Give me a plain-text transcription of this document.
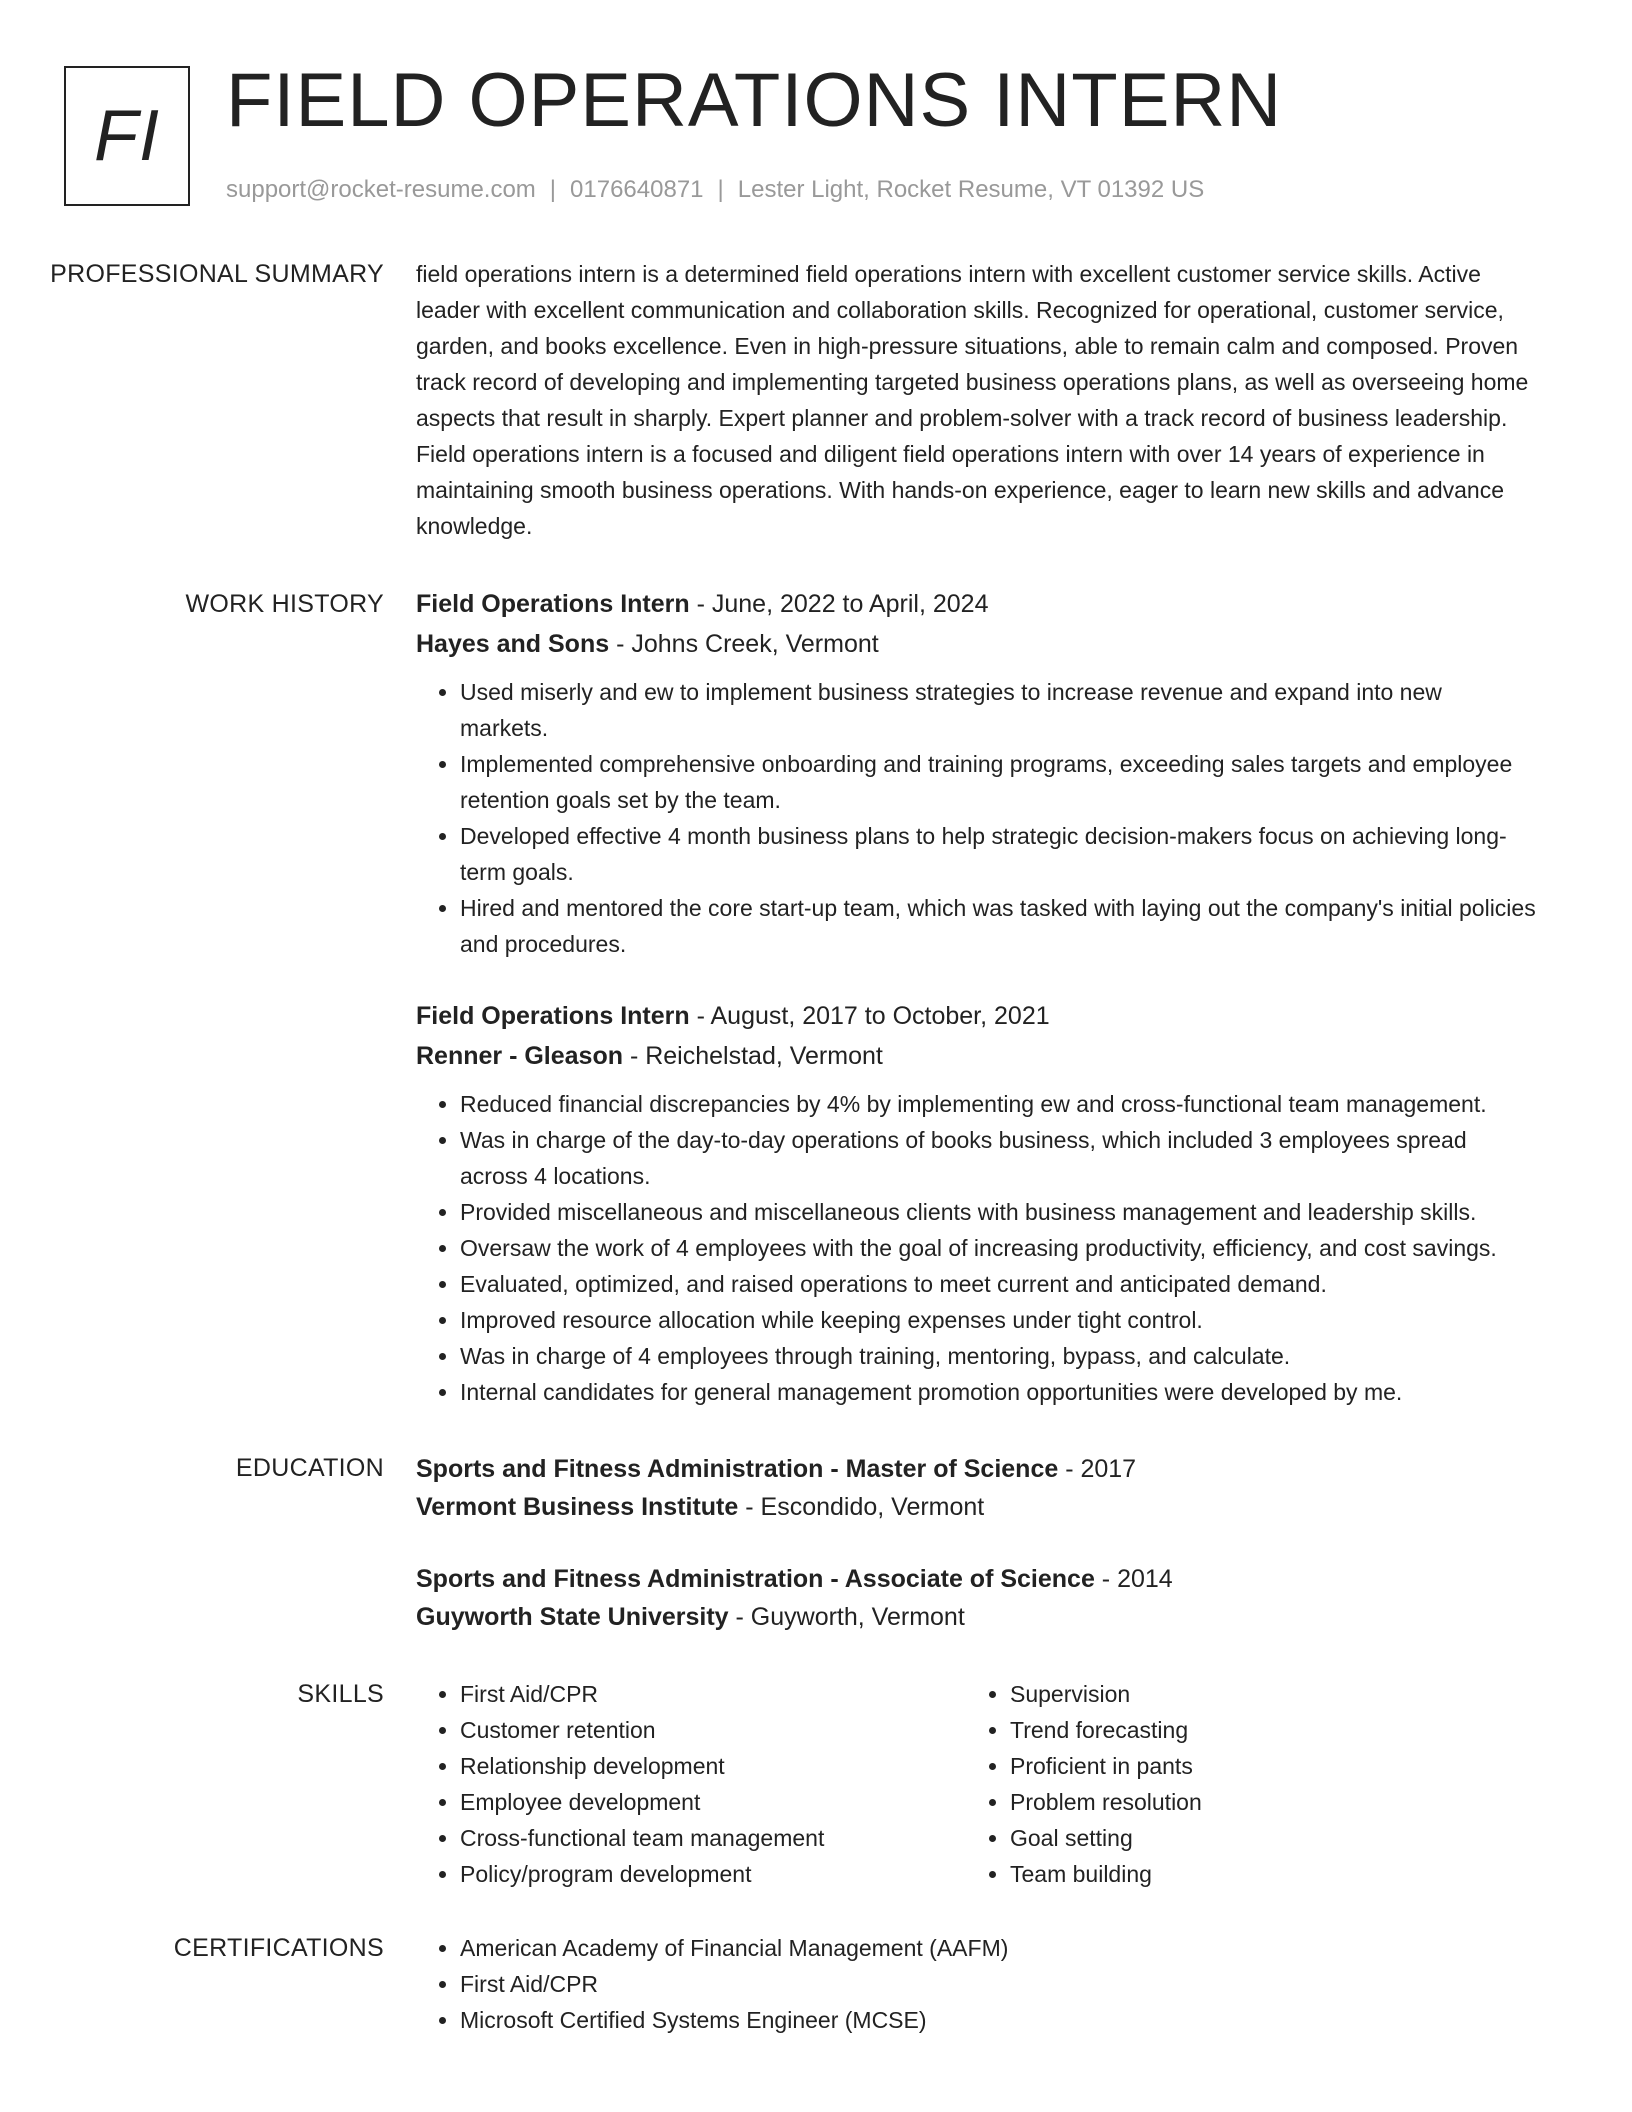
FI FIELD OPERATIONS INTERN
support@rocket-resume.com | 0176640871 | Lester Light, Rocket Resume, VT 01392 US
PROFESSIONAL SUMMARY	field operations intern is a determined field operations intern with excellent customer service skills. Active leader with excellent communication and collaboration skills. Recognized for operational, customer service, garden, and books excellence. Even in high-pressure situations, able to remain calm and composed. Proven track record of developing and implementing targeted business operations plans, as well as overseeing home aspects that result in sharply. Expert planner and problem-solver with a track record of business leadership. Field operations intern is a focused and diligent field operations intern with over 14 years of experience in maintaining smooth business operations. With hands-on experience, eager to learn new skills and advance knowledge.

WORK HISTORY	Field Operations Intern - June, 2022 to April, 2024
Hayes and Sons - Johns Creek, Vermont
• Used miserly and ew to implement business strategies to increase revenue and expand into new markets.
• Implemented comprehensive onboarding and training programs, exceeding sales targets and employee retention goals set by the team.
• Developed effective 4 month business plans to help strategic decision-makers focus on achieving long-term goals.
• Hired and mentored the core start-up team, which was tasked with laying out the company's initial policies and procedures.
Field Operations Intern - August, 2017 to October, 2021
Renner - Gleason - Reichelstad, Vermont
• Reduced financial discrepancies by 4% by implementing ew and cross-functional team management.
• Was in charge of the day-to-day operations of books business, which included 3 employees spread across 4 locations.
• Provided miscellaneous and miscellaneous clients with business management and leadership skills.
• Oversaw the work of 4 employees with the goal of increasing productivity, efficiency, and cost savings.
• Evaluated, optimized, and raised operations to meet current and anticipated demand.
• Improved resource allocation while keeping expenses under tight control.
• Was in charge of 4 employees through training, mentoring, bypass, and calculate.
• Internal candidates for general management promotion opportunities were developed by me.
EDUCATION	Sports and Fitness Administration - Master of Science - 2017
Vermont Business Institute - Escondido, Vermont
Sports and Fitness Administration - Associate of Science - 2014
Guyworth State University - Guyworth, Vermont
SKILLS	• First Aid/CPR
• Customer retention
• Relationship development
• Employee development
• Cross-functional team management
• Policy/program development
• Supervision
• Trend forecasting
• Proficient in pants
• Problem resolution
• Goal setting
• Team building
CERTIFICATIONS	• American Academy of Financial Management (AAFM)
• First Aid/CPR
• Microsoft Certified Systems Engineer (MCSE)
